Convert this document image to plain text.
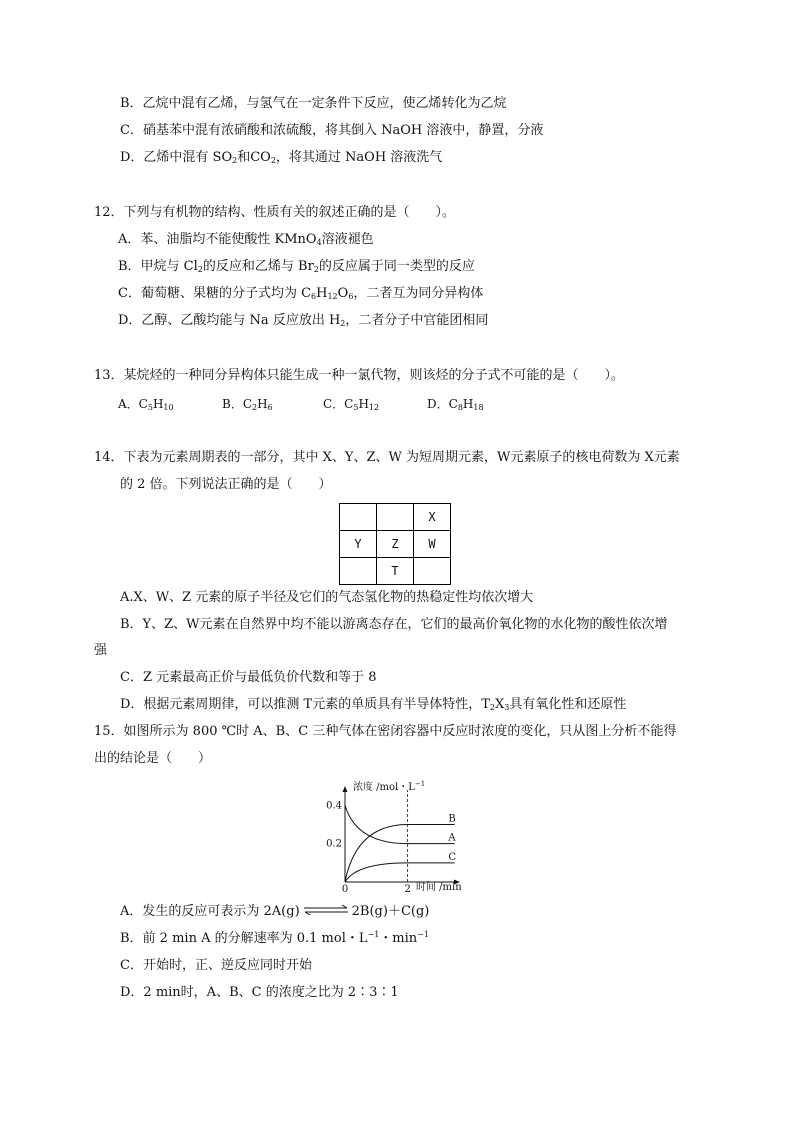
B．乙烷中混有乙烯，与氢气在一定条件下反应，使乙烯转化为乙烷
C．硝基苯中混有浓硝酸和浓硫酸，将其倒入 NaOH 溶液中，静置，分液
D．乙烯中混有 $SO_2$和$CO_2$，将其通过 NaOH 溶液洗气
12．下列与有机物的结构、性质有关的叙述正确的是（　　）。
A．苯、油脂均不能使酸性 KMnO$_4$溶液褪色
B．甲烷与 $Cl_2$的反应和乙烯与 $Br_2$的反应属于同一类型的反应
C．葡萄糖、果糖的分子式均为 $C_6H_{12}O_6$，二者互为同分异构体
D．乙醇、乙酸均能与 Na 反应放出 $H_2$，二者分子中官能团相同
13．某烷烃的一种同分异构体只能生成一种一氯代物，则该烃的分子式不可能的是（　　）。
A．$C_5H_{10}$	B．$C_2H_6$	C．$C_5H_{12}$	D．$C_8H_{18}$
14．下表为元素周期表的一部分，其中 X、Y、Z、W 为短周期元素，W元素原子的核电荷数为 X元素
的 2 倍。下列说法正确的是（　　）
		X
Y	Z	W
	T	
A.X、W、Z 元素的原子半径及它们的气态氢化物的热稳定性均依次增大
B．Y、Z、W元素在自然界中均不能以游离态存在，它们的最高价氧化物的水化物的酸性依次增
强
C．Z 元素最高正价与最低负价代数和等于 8
D．根据元素周期律，可以推测 T元素的单质具有半导体特性，$T_2X_3$具有氧化性和还原性
15．如图所示为 800 ℃时 A、B、C 三种气体在密闭容器中反应时浓度的变化，只从图上分析不能得
出的结论是（　　）
浓度 /mol・$L^{-1}$
0.4
0.2
0	2 时间 /min
B
A
C
A．发生的反应可表示为 2A(g) ⇌ 2B(g)＋C(g)
B．前 2 min A 的分解速率为 0.1 mol・$L^{-1}$・$\min^{-1}$
C．开始时，正、逆反应同时开始
D．2 min时，A、B、C 的浓度之比为 2∶3∶1
